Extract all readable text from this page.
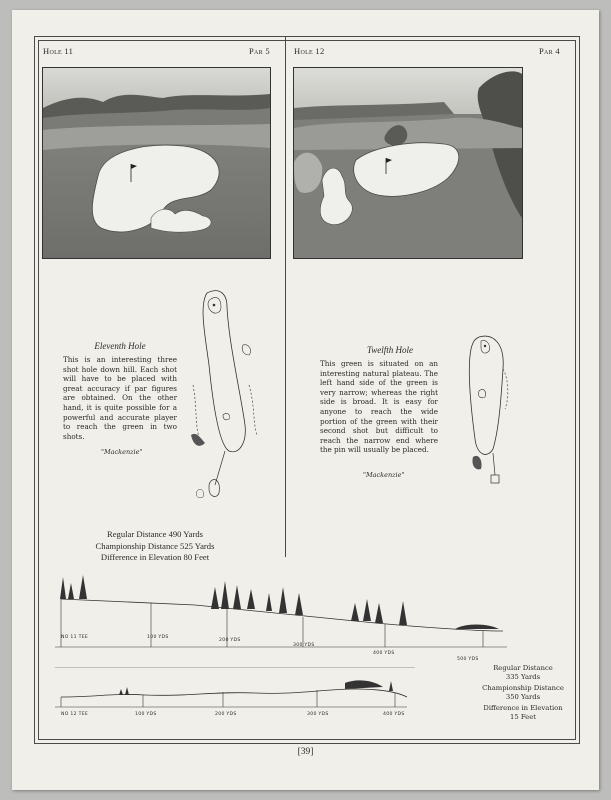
Hole 11	Par 5	Hole 12	Par 4
Eleventh Hole
This is an interesting three shot hole down hill. Each shot will have to be placed with great accuracy if par figures are obtained. On the other hand, it is quite possible for a powerful and accurate player to reach the green in two shots.
"Mackenzie"
Twelfth Hole
This green is situated on an interesting natural plateau. The left hand side of the green is very narrow; whereas the right side is broad. It is easy for anyone to reach the wide portion of the green with their second shot but difficult to reach the narrow end where the pin will usually be placed.
"Mackenzie"
Regular Distance 490 Yards
Championship Distance 525 Yards
Difference in Elevation 80 Feet
NO 11 TEE	100 YDS
200 YDS
300 YDS
400 YDS
500 YDS
NO 12 TEE	100 YDS	200 YDS	300 YDS	400 YDS
Regular Distance
335 Yards
Championship Distance
350 Yards
Difference in Elevation
15 Feet
[39]
